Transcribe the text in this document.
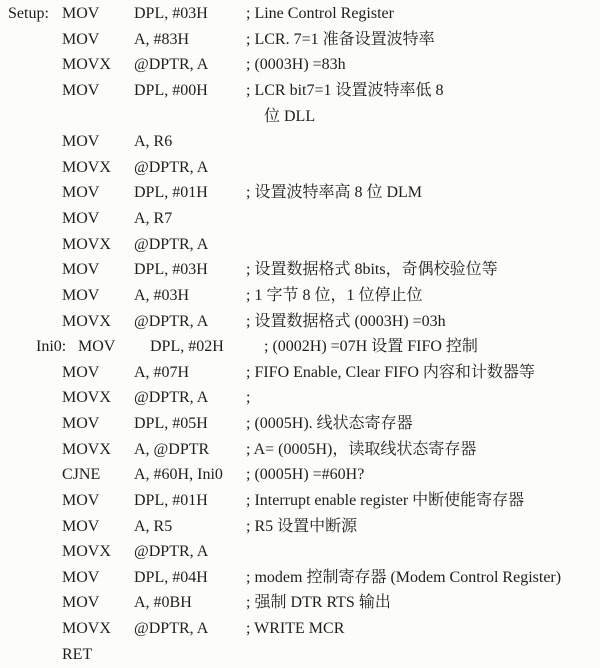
Setup: MOV DPL, #03H ; Line Control Register
MOV A, #83H	; LCR. 7=1 准备设置波特率
MOVX @DPTR, A ; (0003H) =83h
MOV DPL, #00H ; LCR bit7=1 设置波特率低 8
位 DLL
MOV A, R6
MOVX @DPTR, A
MOV DPL, #01H ; 设置波特率高 8 位 DLM
MOV A, R7
MOVX @DPTR, A
MOV DPL, #03H ; 设置数据格式 8bits，奇偶校验位等
MOV A, #03H	; 1 字节 8 位，1 位停止位
MOVX @DPTR, A ; 设置数据格式 (0003H) =03h
Ini0: MOV DPL, #02H	; (0002H) =07H 设置 FIFO 控制
MOV A, #07H	; FIFO Enable, Clear FIFO 内容和计数器等
MOVX @DPTR, A ;
MOV DPL, #05H ; (0005H). 线状态寄存器
MOVX A, @DPTR ; A= (0005H)，读取线状态寄存器
CJNE A, #60H, Ini0 ; (0005H) =#60H?
MOV DPL, #01H ; Interrupt enable register 中断使能寄存器
MOV A, R5	; R5 设置中断源
MOVX @DPTR, A
MOV DPL, #04H ; modem 控制寄存器 (Modem Control Register)
MOV A, #0BH	; 强制 DTR RTS 输出
MOVX @DPTR, A ; WRITE MCR
RET
